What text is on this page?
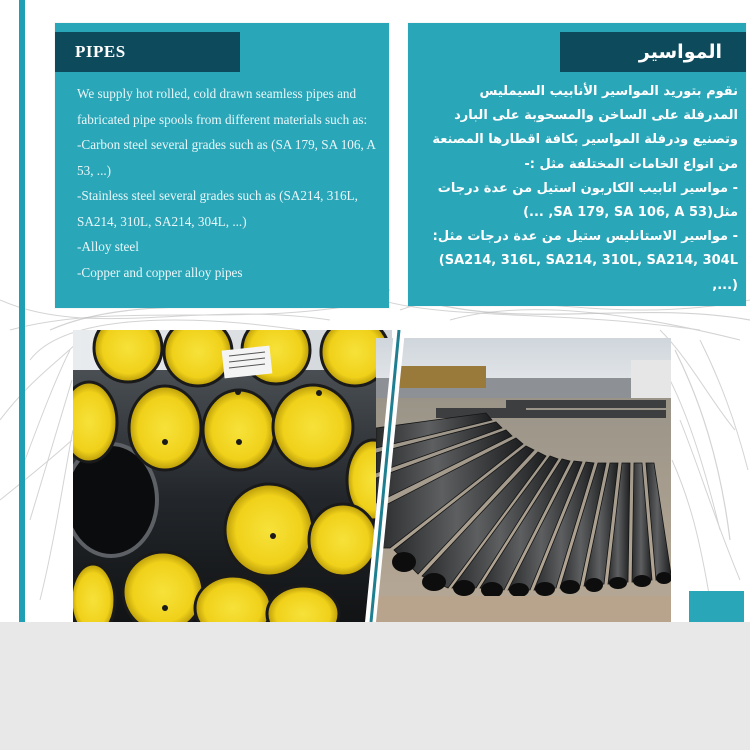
PIPES
We supply hot rolled, cold drawn seamless pipes and
fabricated pipe spools from different materials such as:
-Carbon steel several grades such as (SA 179, SA 106, A
53, ...)
-Stainless steel several grades such as (SA214, 316L,
SA214, 310L, SA214, 304L, ...)
-Alloy steel
-Copper and copper alloy pipes
المواسير
نقوم بتوريد المواسير الأنابيب السيمليس
المدرفلة على الساخن والمسحوبة على البارد
وتصنيع ودرفلة المواسير بكافة اقطارها المصنعة
من انواع الخامات المختلفة مثل :-
- مواسير انابيب الكاربون استيل من عدة درجات
مثل(SA 179, SA 106, A 53, ...)
- مواسير الاستانليس ستيل من عدة درجات مثل:
SA214, 316L, SA214, 310L, SA214, 304L)
(...,
